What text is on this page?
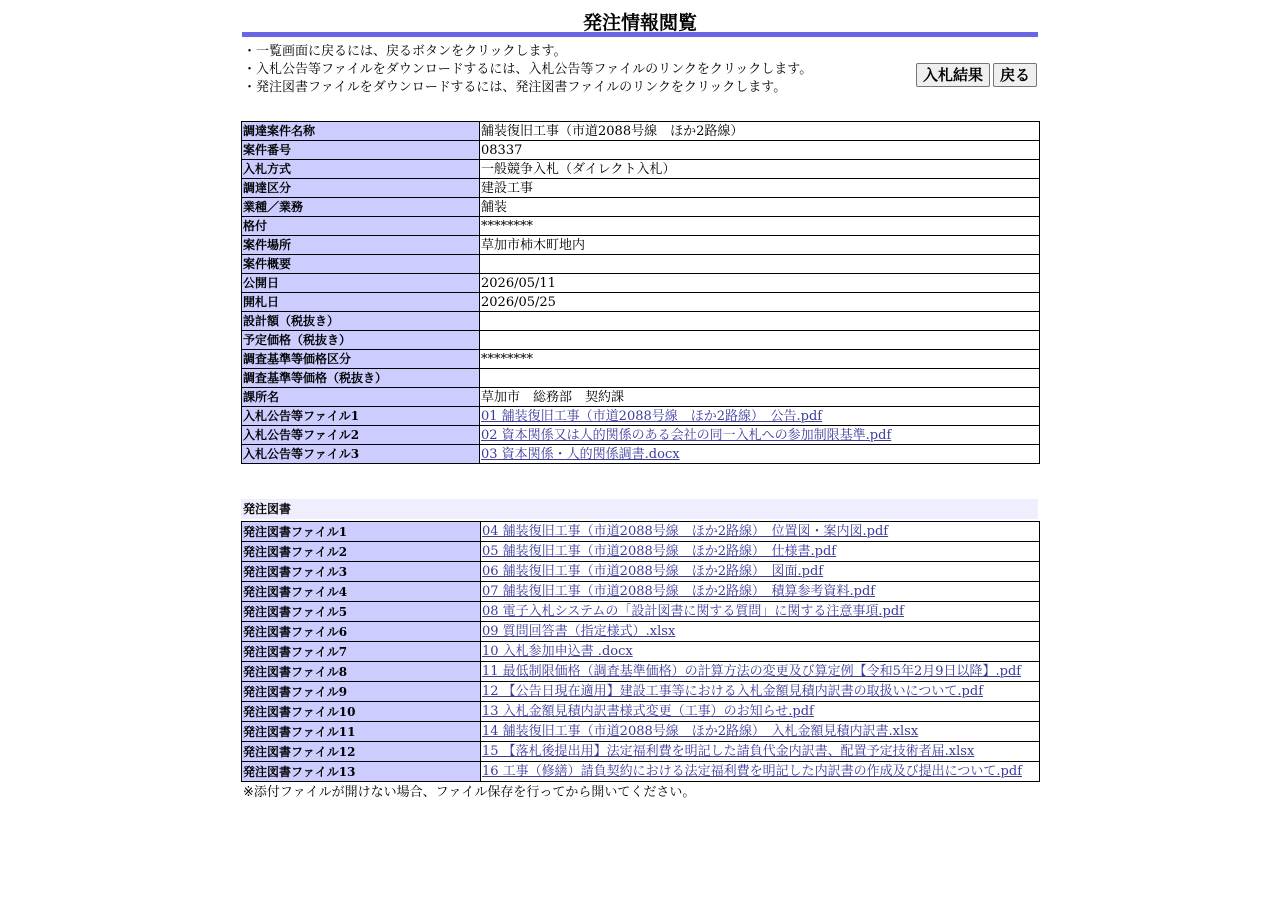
発注情報閲覧
・一覧画面に戻るには、戻るボタンをクリックします。
・入札公告等ファイルをダウンロードするには、入札公告等ファイルのリンクをクリックします。
・発注図書ファイルをダウンロードするには、発注図書ファイルのリンクをクリックします。
入札結果	戻る
調達案件名称	舗装復旧工事（市道2088号線　ほか2路線）
案件番号	08337
入札方式	一般競争入札（ダイレクト入札）
調達区分	建設工事
業種／業務	舗装
格付	********
案件場所	草加市柿木町地内
案件概要	
公開日	2026/05/11
開札日	2026/05/25
設計額（税抜き）	
予定価格（税抜き）	
調査基準等価格区分	********
調査基準等価格（税抜き）	
課所名	草加市　総務部　契約課
入札公告等ファイル1	01 舗装復旧工事（市道2088号線　ほか2路線）　公告.pdf
入札公告等ファイル2	02 資本関係又は人的関係のある会社の同一入札への参加制限基準.pdf
入札公告等ファイル3	03 資本関係・人的関係調書.docx
発注図書
発注図書ファイル1	04 舗装復旧工事（市道2088号線　ほか2路線）　位置図・案内図.pdf
発注図書ファイル2	05 舗装復旧工事（市道2088号線　ほか2路線）　仕様書.pdf
発注図書ファイル3	06 舗装復旧工事（市道2088号線　ほか2路線）　図面.pdf
発注図書ファイル4	07 舗装復旧工事（市道2088号線　ほか2路線）　積算参考資料.pdf
発注図書ファイル5	08 電子入札システムの「設計図書に関する質問」に関する注意事項.pdf
発注図書ファイル6	09 質問回答書（指定様式）.xlsx
発注図書ファイル7	10 入札参加申込書 .docx
発注図書ファイル8	11 最低制限価格（調査基準価格）の計算方法の変更及び算定例【令和5年2月9日以降】.pdf
発注図書ファイル9	12 【公告日現在適用】建設工事等における入札金額見積内訳書の取扱いについて.pdf
発注図書ファイル10	13 入札金額見積内訳書様式変更（工事）のお知らせ.pdf
発注図書ファイル11	14 舗装復旧工事（市道2088号線　ほか2路線）　入札金額見積内訳書.xlsx
発注図書ファイル12	15 【落札後提出用】法定福利費を明記した請負代金内訳書、配置予定技術者届.xlsx
発注図書ファイル13	16 工事（修繕）請負契約における法定福利費を明記した内訳書の作成及び提出について.pdf
※添付ファイルが開けない場合、ファイル保存を行ってから開いてください。
